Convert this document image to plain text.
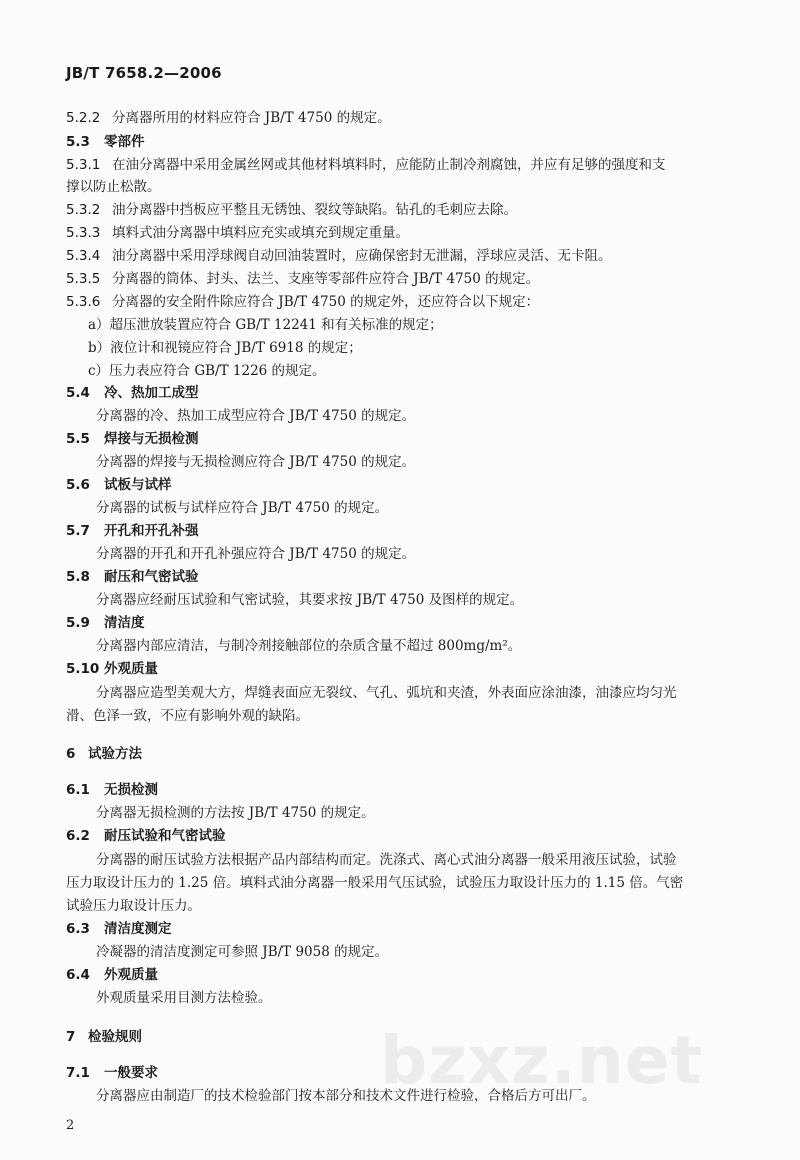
JB/T 7658.2—2006
5.2.2 分离器所用的材料应符合 JB/T 4750 的规定。
5.3 零部件
5.3.1 在油分离器中采用金属丝网或其他材料填料时，应能防止制冷剂腐蚀，并应有足够的强度和支
撑以防止松散。
5.3.2 油分离器中挡板应平整且无锈蚀、裂纹等缺陷。钻孔的毛刺应去除。
5.3.3 填料式油分离器中填料应充实或填充到规定重量。
5.3.4 油分离器中采用浮球阀自动回油装置时，应确保密封无泄漏，浮球应灵活、无卡阻。
5.3.5 分离器的筒体、封头、法兰、支座等零部件应符合 JB/T 4750 的规定。
5.3.6 分离器的安全附件除应符合 JB/T 4750 的规定外，还应符合以下规定：
a）超压泄放装置应符合 GB/T 12241 和有关标准的规定；
b）液位计和视镜应符合 JB/T 6918 的规定；
c）压力表应符合 GB/T 1226 的规定。
5.4 冷、热加工成型
分离器的冷、热加工成型应符合 JB/T 4750 的规定。
5.5 焊接与无损检测
分离器的焊接与无损检测应符合 JB/T 4750 的规定。
5.6 试板与试样
分离器的试板与试样应符合 JB/T 4750 的规定。
5.7 开孔和开孔补强
分离器的开孔和开孔补强应符合 JB/T 4750 的规定。
5.8 耐压和气密试验
分离器应经耐压试验和气密试验，其要求按 JB/T 4750 及图样的规定。
5.9 清洁度
分离器内部应清洁，与制冷剂接触部位的杂质含量不超过 800mg/m²。
5.10 外观质量
分离器应造型美观大方，焊缝表面应无裂纹、气孔、弧坑和夹渣，外表面应涂油漆，油漆应均匀光
滑、色泽一致，不应有影响外观的缺陷。
6 试验方法
6.1 无损检测
分离器无损检测的方法按 JB/T 4750 的规定。
6.2 耐压试验和气密试验
分离器的耐压试验方法根据产品内部结构而定。洗涤式、离心式油分离器一般采用液压试验，试验
压力取设计压力的 1.25 倍。填料式油分离器一般采用气压试验，试验压力取设计压力的 1.15 倍。气密
试验压力取设计压力。
6.3 清洁度测定
冷凝器的清洁度测定可参照 JB/T 9058 的规定。
6.4 外观质量
外观质量采用目测方法检验。
7 检验规则
7.1 一般要求
分离器应由制造厂的技术检验部门按本部分和技术文件进行检验，合格后方可出厂。
bzxz.net
2
